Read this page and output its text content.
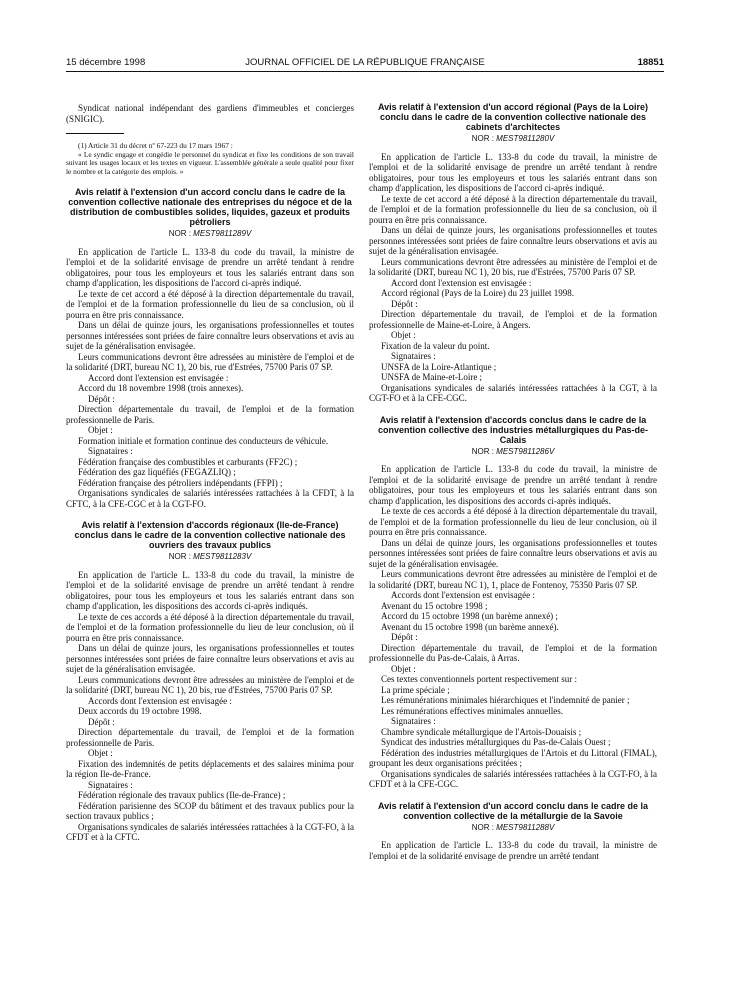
15 décembre 1998	JOURNAL OFFICIEL DE LA RÉPUBLIQUE FRANÇAISE	18851

Syndicat national indépendant des gardiens d'immeubles et concierges (SNIGIC).

(1) Article 31 du décret nº 67-223 du 17 mars 1967 :

« Le syndic engage et congédie le personnel du syndicat et fixe les conditions de son travail suivant les usages locaux et les textes en vigueur. L'assemblée générale a seule qualité pour fixer le nombre et la catégorie des emplois. »

Avis relatif à l'extension d'un accord conclu dans le cadre de la convention collective nationale des entreprises du négoce et de la distribution de combustibles solides, liquides, gazeux et produits pétroliers
NOR : MESТ9811289V

En application de l'article L. 133-8 du code du travail, la ministre de l'emploi et de la solidarité envisage de prendre un arrêté tendant à rendre obligatoires, pour tous les employeurs et tous les salariés entrant dans son champ d'application, les dispositions de l'accord ci-après indiqué.

Le texte de cet accord a été déposé à la direction départementale du travail, de l'emploi et de la formation professionnelle du lieu de sa conclusion, où il pourra en être pris connaissance.

Dans un délai de quinze jours, les organisations professionnelles et toutes personnes intéressées sont priées de faire connaître leurs observations et avis au sujet de la généralisation envisagée.

Leurs communications devront être adressées au ministère de l'emploi et de la solidarité (DRT, bureau NC 1), 20 bis, rue d'Estrées, 75700 Paris 07 SP.

Accord dont l'extension est envisagée :

Accord du 18 novembre 1998 (trois annexes).

Dépôt :

Direction départementale du travail, de l'emploi et de la formation professionnelle de Paris.

Objet :

Formation initiale et formation continue des conducteurs de véhicule.

Signataires :

Fédération française des combustibles et carburants (FF2C) ;

Fédération des gaz liquéfiés (FEGAZLIQ) ;

Fédération française des pétroliers indépendants (FFPI) ;

Organisations syndicales de salariés intéressées rattachées à la CFDT, à la CFTC, à la CFE-CGC et à la CGT-FO.

Avis relatif à l'extension d'accords régionaux (Ile-de-France) conclus dans le cadre de la convention collective nationale des ouvriers des travaux publics
NOR : MESТ9811283V

En application de l'article L. 133-8 du code du travail, la ministre de l'emploi et de la solidarité envisage de prendre un arrêté tendant à rendre obligatoires, pour tous les employeurs et tous les salariés entrant dans son champ d'application, les dispositions des accords ci-après indiqués.

Le texte de ces accords a été déposé à la direction départementale du travail, de l'emploi et de la formation professionnelle du lieu de leur conclusion, où il pourra en être pris connaissance.

Dans un délai de quinze jours, les organisations professionnelles et toutes personnes intéressées sont priées de faire connaître leurs observations et avis au sujet de la généralisation envisagée.

Leurs communications devront être adressées au ministère de l'emploi et de la solidarité (DRT, bureau NC 1), 20 bis, rue d'Estrées, 75700 Paris 07 SP.

Accords dont l'extension est envisagée :

Deux accords du 19 octobre 1998.

Dépôt :

Direction départementale du travail, de l'emploi et de la formation professionnelle de Paris.

Objet :

Fixation des indemnités de petits déplacements et des salaires minima pour la région Ile-de-France.

Signataires :

Fédération régionale des travaux publics (Ile-de-France) ;

Fédération parisienne des SCOP du bâtiment et des travaux publics pour la section travaux publics ;

Organisations syndicales de salariés intéressées rattachées à la CGT-FO, à la CFDT et à la CFTC.

Avis relatif à l'extension d'un accord régional (Pays de la Loire) conclu dans le cadre de la convention collective nationale des cabinets d'architectes
NOR : MESТ9811280V

En application de l'article L. 133-8 du code du travail, la ministre de l'emploi et de la solidarité envisage de prendre un arrêté tendant à rendre obligatoires, pour tous les employeurs et tous les salariés entrant dans son champ d'application, les dispositions de l'accord ci-après indiqué.

Le texte de cet accord a été déposé à la direction départementale du travail, de l'emploi et de la formation professionnelle du lieu de sa conclusion, où il pourra en être pris connaissance.

Dans un délai de quinze jours, les organisations professionnelles et toutes personnes intéressées sont priées de faire connaître leurs observations et avis au sujet de la généralisation envisagée.

Leurs communications devront être adressées au ministère de l'emploi et de la solidarité (DRT, bureau NC 1), 20 bis, rue d'Estrées, 75700 Paris 07 SP.

Accord dont l'extension est envisagée :

Accord régional (Pays de la Loire) du 23 juillet 1998.

Dépôt :

Direction départementale du travail, de l'emploi et de la formation professionnelle de Maine-et-Loire, à Angers.

Objet :

Fixation de la valeur du point.

Signataires :

UNSFA de la Loire-Atlantique ;

UNSFA de Maine-et-Loire ;

Organisations syndicales de salariés intéressées rattachées à la CGT, à la CGT-FO et à la CFE-CGC.

Avis relatif à l'extension d'accords conclus dans le cadre de la convention collective des industries métallurgiques du Pas-de-Calais
NOR : MESТ9811286V

En application de l'article L. 133-8 du code du travail, la ministre de l'emploi et de la solidarité envisage de prendre un arrêté tendant à rendre obligatoires, pour tous les employeurs et tous les salariés entrant dans son champ d'application, les dispositions des accords ci-après indiqués.

Le texte de ces accords a été déposé à la direction départementale du travail, de l'emploi et de la formation professionnelle du lieu de leur conclusion, où il pourra en être pris connaissance.

Dans un délai de quinze jours, les organisations professionnelles et toutes personnes intéressées sont priées de faire connaître leurs observations et avis au sujet de la généralisation envisagée.

Leurs communications devront être adressées au ministère de l'emploi et de la solidarité (DRT, bureau NC 1), 1, place de Fontenoy, 75350 Paris 07 SP.

Accords dont l'extension est envisagée :

Avenant du 15 octobre 1998 ;

Accord du 15 octobre 1998 (un barème annexé) ;

Avenant du 15 octobre 1998 (un barème annexé).

Dépôt :

Direction départementale du travail, de l'emploi et de la formation professionnelle du Pas-de-Calais, à Arras.

Objet :

Ces textes conventionnels portent respectivement sur :

La prime spéciale ;

Les rémunérations minimales hiérarchiques et l'indemnité de panier ;

Les rémunérations effectives minimales annuelles.

Signataires :

Chambre syndicale métallurgique de l'Artois-Douaisis ;

Syndicat des industries métallurgiques du Pas-de-Calais Ouest ;

Fédération des industries métallurgiques de l'Artois et du Littoral (FIMAL), groupant les deux organisations précitées ;

Organisations syndicales de salariés intéressées rattachées à la CGT-FO, à la CFDT et à la CFE-CGC.

Avis relatif à l'extension d'un accord conclu dans le cadre de la convention collective de la métallurgie de la Savoie
NOR : MESТ9811288V

En application de l'article L. 133-8 du code du travail, la ministre de l'emploi et de la solidarité envisage de prendre un arrêté tendant
